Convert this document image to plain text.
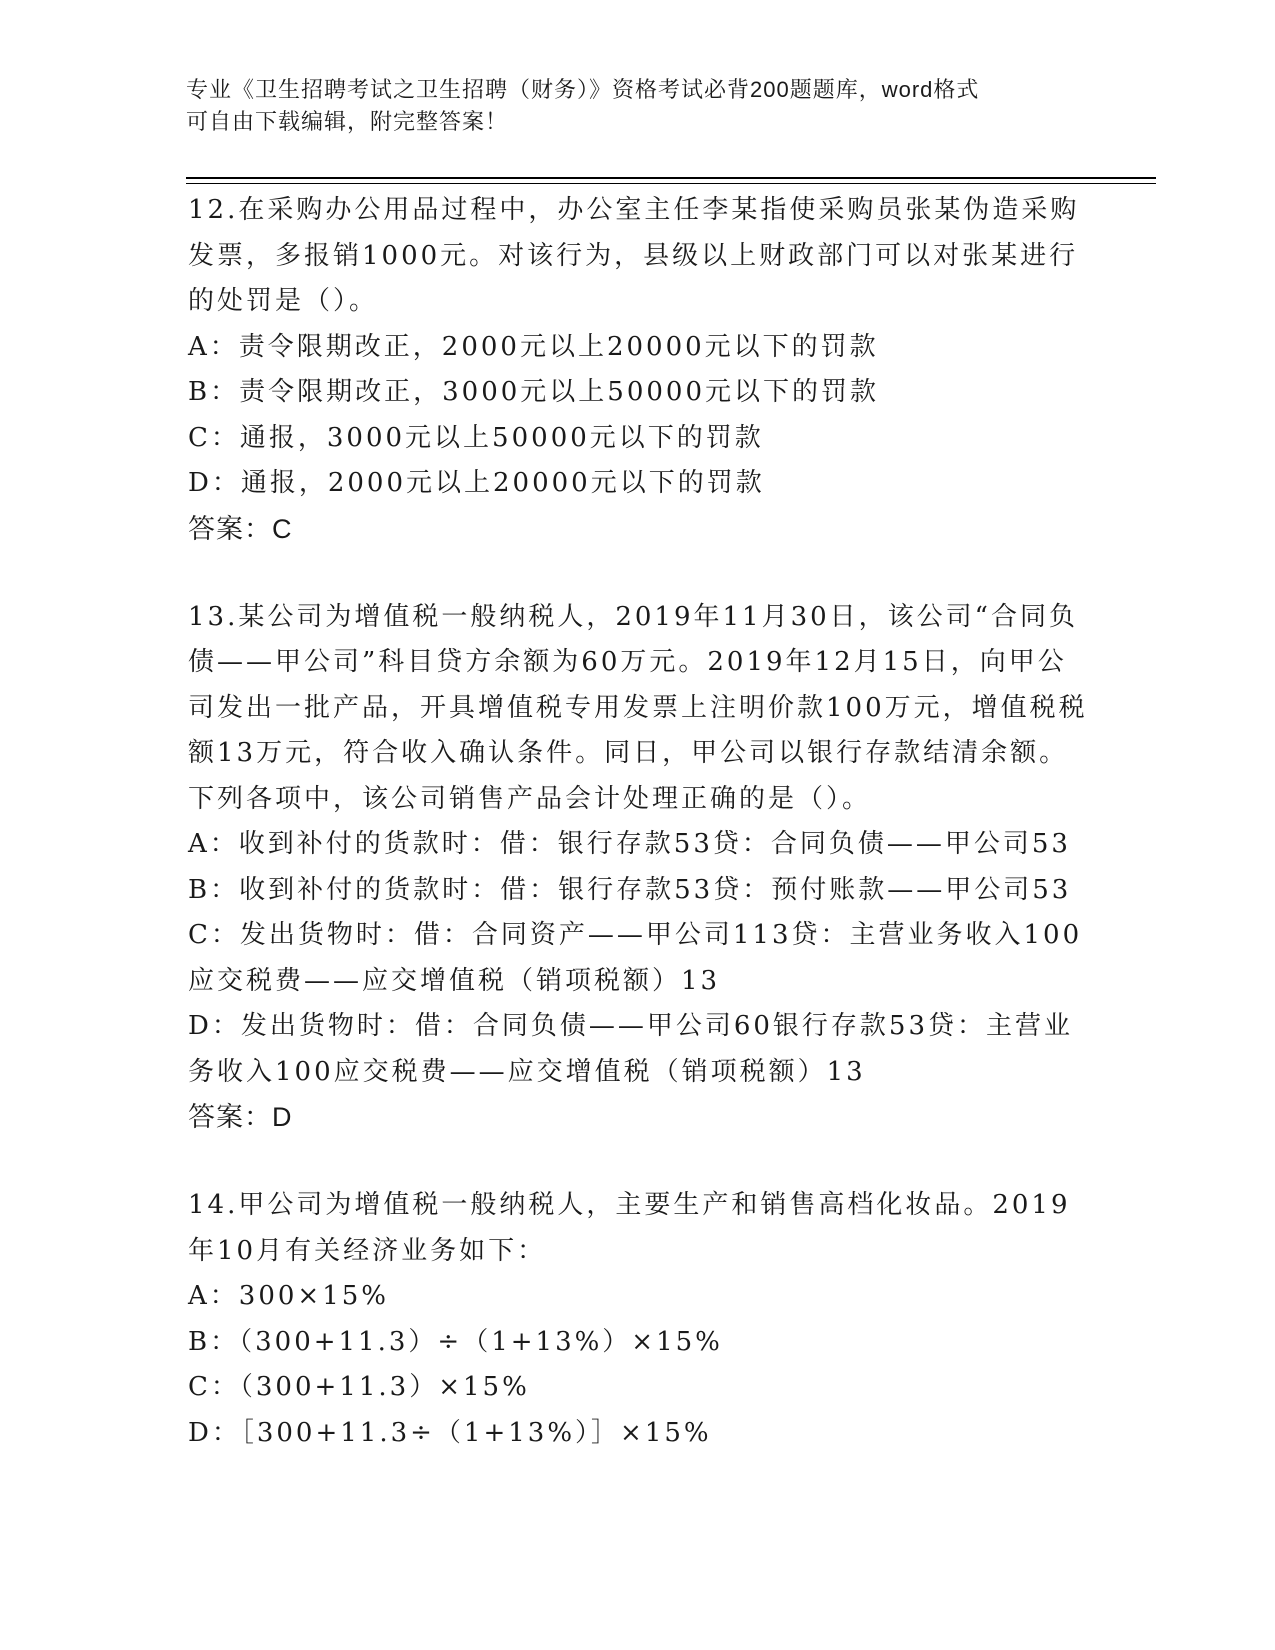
专业《卫生招聘考试之卫生招聘（财务）》资格考试必背200题题库，word格式
可自由下载编辑，附完整答案！
12.在采购办公用品过程中，办公室主任李某指使采购员张某伪造采购发票，多报销1000元。对该行为，县级以上财政部门可以对张某进行的处罚是（）。
A：责令限期改正，2000元以上20000元以下的罚款
B：责令限期改正，3000元以上50000元以下的罚款
C：通报，3000元以上50000元以下的罚款
D：通报，2000元以上20000元以下的罚款
答案：C
13.某公司为增值税一般纳税人，2019年11月30日，该公司“合同负债——甲公司”科目贷方余额为60万元。2019年12月15日，向甲公司发出一批产品，开具增值税专用发票上注明价款100万元，增值税税额13万元，符合收入确认条件。同日，甲公司以银行存款结清余额。下列各项中，该公司销售产品会计处理正确的是（）。
A：收到补付的货款时：借：银行存款53贷：合同负债——甲公司53
B：收到补付的货款时：借：银行存款53贷：预付账款——甲公司53
C：发出货物时：借：合同资产——甲公司113贷：主营业务收入100应交税费——应交增值税（销项税额）13
D：发出货物时：借：合同负债——甲公司60银行存款53贷：主营业务收入100应交税费——应交增值税（销项税额）13
答案：D
14.甲公司为增值税一般纳税人，主要生产和销售高档化妆品。2019年10月有关经济业务如下：
A：300×15%
B：（300+11.3）÷（1+13%）×15%
C：（300+11.3）×15%
D：［300+11.3÷（1+13%）］×15%
